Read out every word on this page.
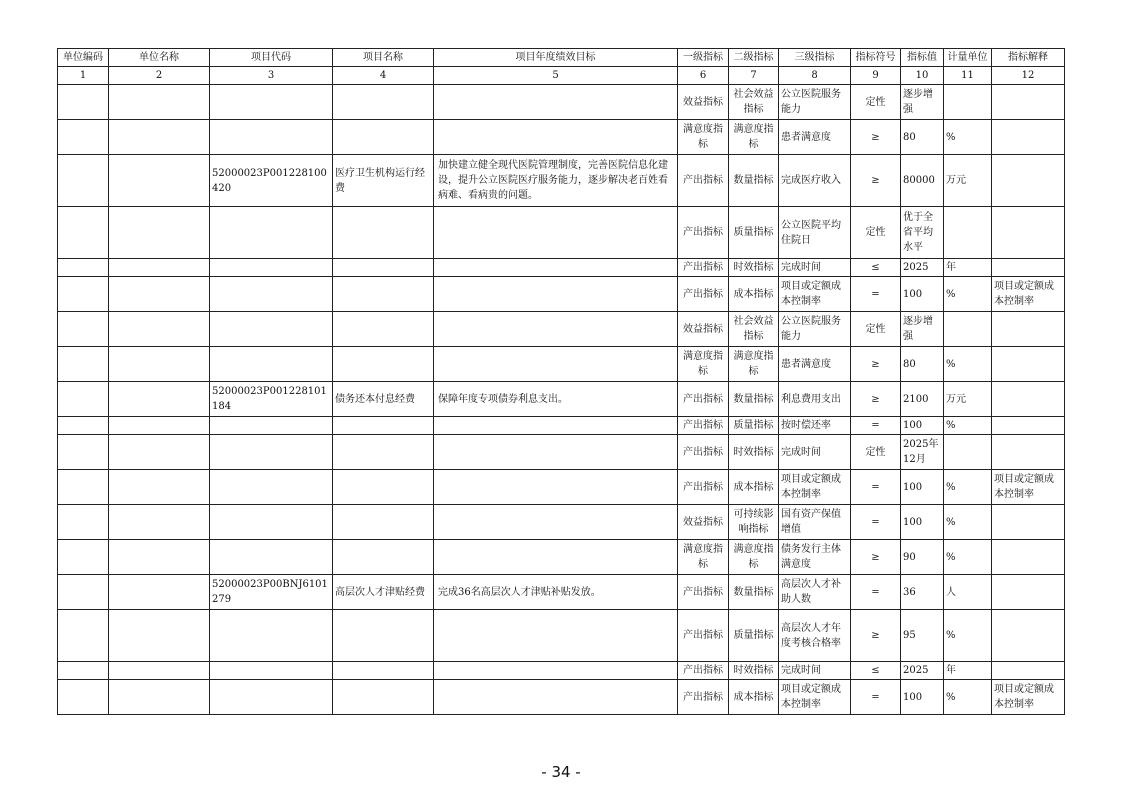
单位编码	单位名称	项目代码	项目名称	项目年度绩效目标	一级指标	二级指标	三级指标	指标符号	指标值	计量单位	指标解释
1	2	3	4	5	6	7	8	9	10	11	12
					效益指标	社会效益指标	公立医院服务能力	定性	逐步增强		
					满意度指标	满意度指标	患者满意度	≥	80	%	
		52000023P001228100420	医疗卫生机构运行经费	加快建立健全现代医院管理制度，完善医院信息化建设，提升公立医院医疗服务能力，逐步解决老百姓看病难、看病贵的问题。	产出指标	数量指标	完成医疗收入	≥	80000	万元	
					产出指标	质量指标	公立医院平均住院日	定性	优于全省平均水平		
					产出指标	时效指标	完成时间	≤	2025	年	
					产出指标	成本指标	项目或定额成本控制率	=	100	%	项目或定额成本控制率
					效益指标	社会效益指标	公立医院服务能力	定性	逐步增强		
					满意度指标	满意度指标	患者满意度	≥	80	%	
		52000023P001228101184	债务还本付息经费	保障年度专项债券利息支出。	产出指标	数量指标	利息费用支出	≥	2100	万元	
					产出指标	质量指标	按时偿还率	=	100	%	
					产出指标	时效指标	完成时间	定性	2025年12月		
					产出指标	成本指标	项目或定额成本控制率	=	100	%	项目或定额成本控制率
					效益指标	可持续影响指标	国有资产保值增值	=	100	%	
					满意度指标	满意度指标	债务发行主体满意度	≥	90	%	
		52000023P00BNJ6101279	高层次人才津贴经费	完成36名高层次人才津贴补贴发放。	产出指标	数量指标	高层次人才补助人数	=	36	人	
					产出指标	质量指标	高层次人才年度考核合格率	≥	95	%	
					产出指标	时效指标	完成时间	≤	2025	年	
					产出指标	成本指标	项目或定额成本控制率	=	100	%	项目或定额成本控制率
- 34 -
